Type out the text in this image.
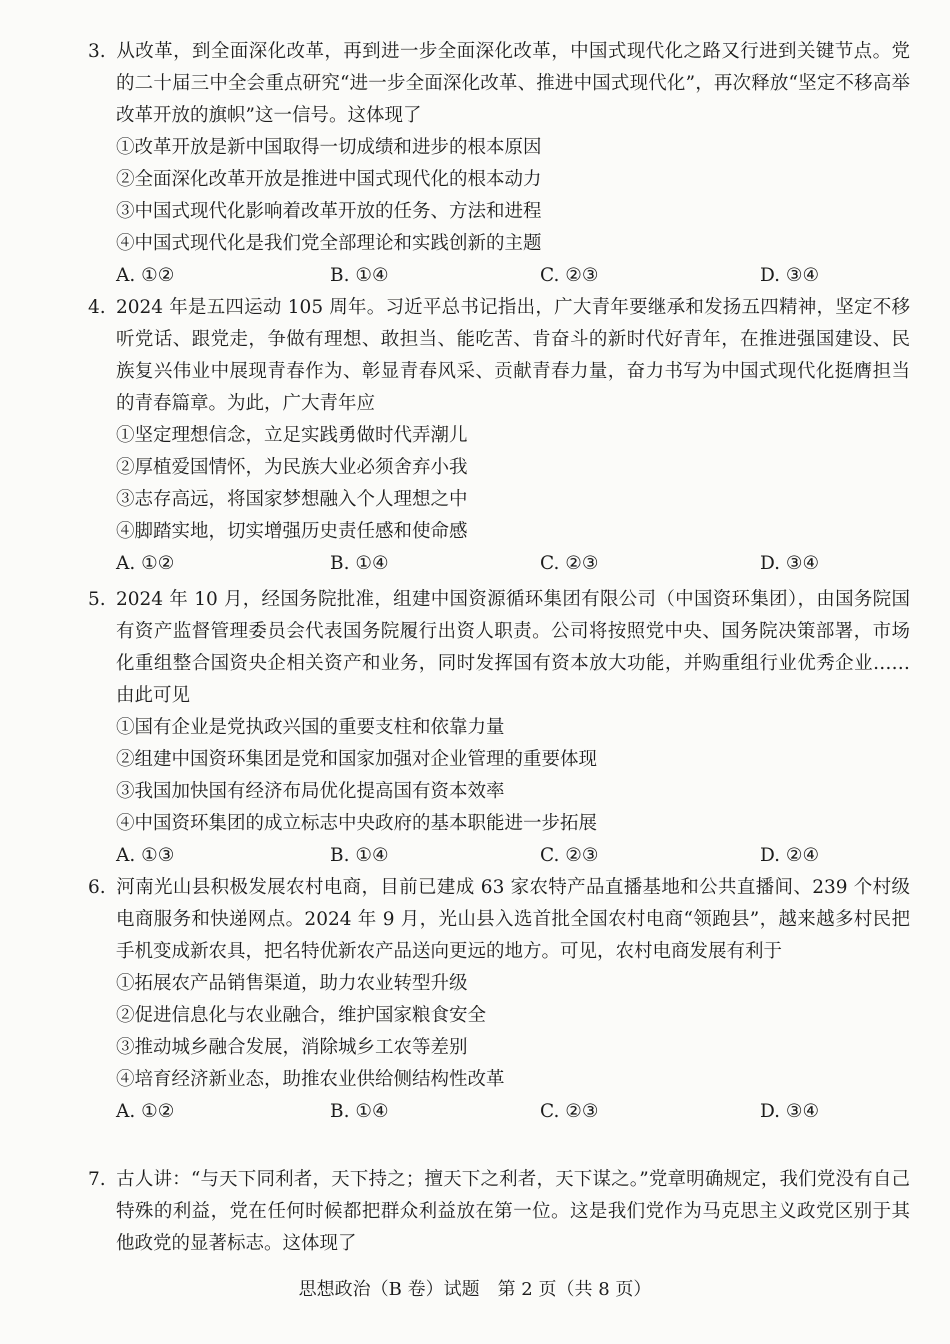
3. 从改革，到全面深化改革，再到进一步全面深化改革，中国式现代化之路又行进到关键节点。党的二十届三中全会重点研究“进一步全面深化改革、推进中国式现代化”，再次释放“坚定不移高举改革开放的旗帜”这一信号。这体现了

①改革开放是新中国取得一切成绩和进步的根本原因
②全面深化改革开放是推进中国式现代化的根本动力
③中国式现代化影响着改革开放的任务、方法和进程
④中国式现代化是我们党全部理论和实践创新的主题
A. ①②	B. ①④	C. ②③	D. ③④

4. 2024 年是五四运动 105 周年。习近平总书记指出，广大青年要继承和发扬五四精神，坚定不移听党话、跟党走，争做有理想、敢担当、能吃苦、肯奋斗的新时代好青年，在推进强国建设、民族复兴伟业中展现青春作为、彰显青春风采、贡献青春力量，奋力书写为中国式现代化挺膺担当的青春篇章。为此，广大青年应

①坚定理想信念，立足实践勇做时代弄潮儿
②厚植爱国情怀，为民族大业必须舍弃小我
③志存高远，将国家梦想融入个人理想之中
④脚踏实地，切实增强历史责任感和使命感
A. ①②	B. ①④	C. ②③	D. ③④

5. 2024 年 10 月，经国务院批准，组建中国资源循环集团有限公司（中国资环集团），由国务院国有资产监督管理委员会代表国务院履行出资人职责。公司将按照党中央、国务院决策部署，市场化重组整合国资央企相关资产和业务，同时发挥国有资本放大功能，并购重组行业优秀企业……由此可见

①国有企业是党执政兴国的重要支柱和依靠力量
②组建中国资环集团是党和国家加强对企业管理的重要体现
③我国加快国有经济布局优化提高国有资本效率
④中国资环集团的成立标志中央政府的基本职能进一步拓展
A. ①③	B. ①④	C. ②③	D. ②④

6. 河南光山县积极发展农村电商，目前已建成 63 家农特产品直播基地和公共直播间、239 个村级电商服务和快递网点。2024 年 9 月，光山县入选首批全国农村电商“领跑县”，越来越多村民把手机变成新农具，把名特优新农产品送向更远的地方。可见，农村电商发展有利于

①拓展农产品销售渠道，助力农业转型升级
②促进信息化与农业融合，维护国家粮食安全
③推动城乡融合发展，消除城乡工农等差别
④培育经济新业态，助推农业供给侧结构性改革
A. ①②	B. ①④	C. ②③	D. ③④

7. 古人讲：“与天下同利者，天下持之；擅天下之利者，天下谋之。”党章明确规定，我们党没有自己特殊的利益，党在任何时候都把群众利益放在第一位。这是我们党作为马克思主义政党区别于其他政党的显著标志。这体现了

思想政治（B 卷）试题　第 2 页（共 8 页）
